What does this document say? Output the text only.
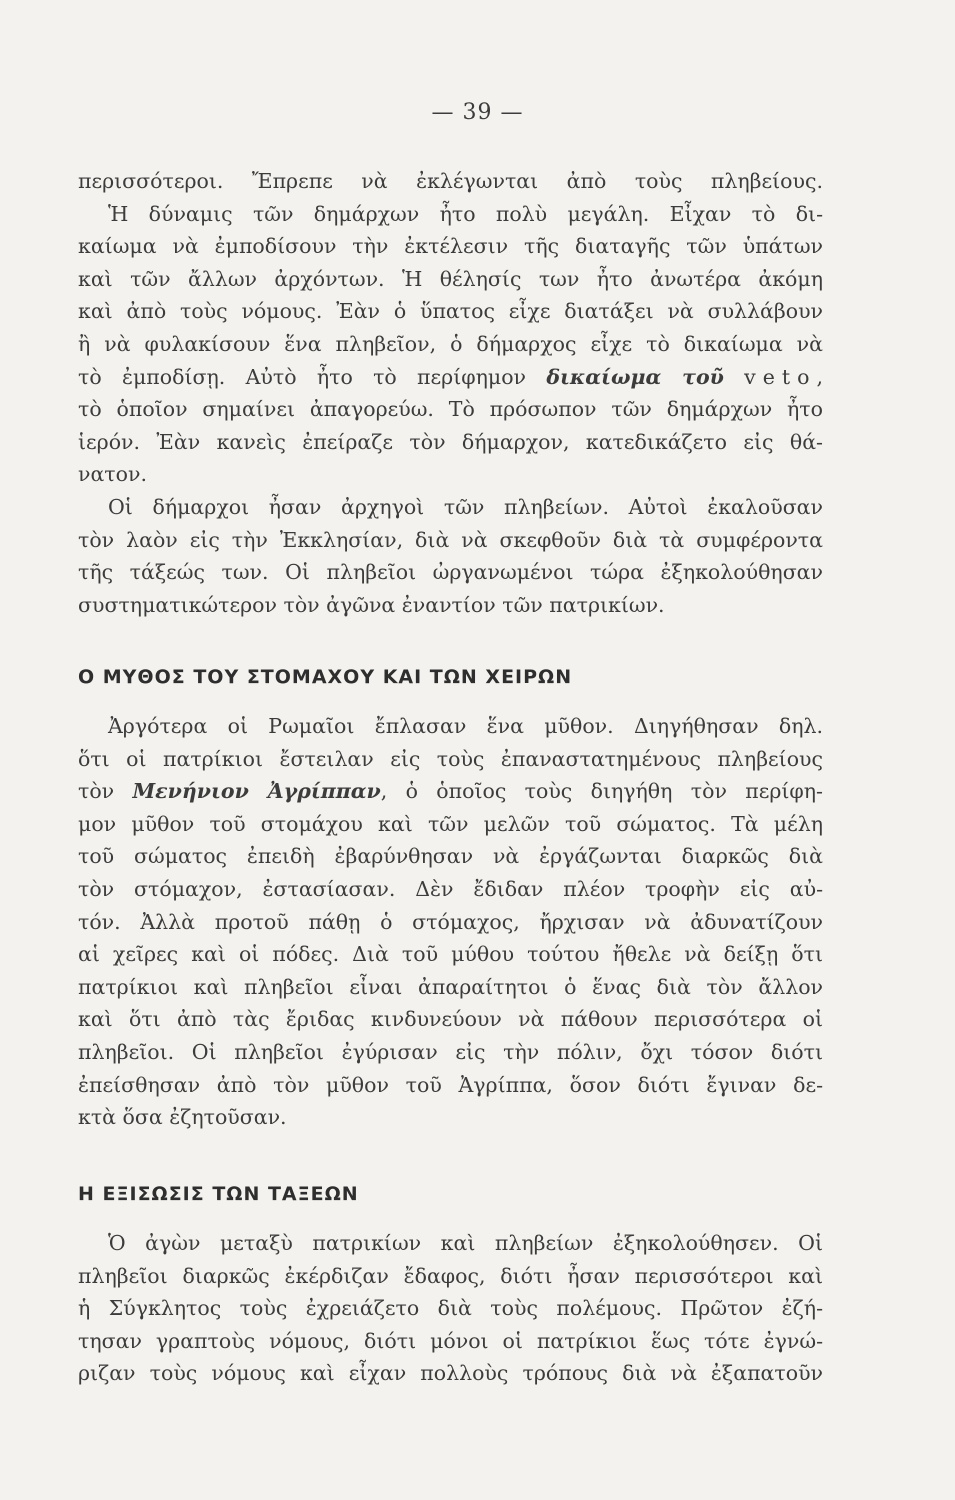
— 39 —
περισσότεροι. Ἔπρεπε νὰ ἐκλέγωνται ἀπὸ τοὺς πληβείους.
Ἡ δύναμις τῶν δημάρχων ἦτο πολὺ μεγάλη. Εἶχαν τὸ δι-
καίωμα νὰ ἐμποδίσουν τὴν ἐκτέλεσιν τῆς διαταγῆς τῶν ὑπάτων
καὶ τῶν ἄλλων ἀρχόντων. Ἡ θέλησίς των ἦτο ἀνωτέρα ἀκόμη
καὶ ἀπὸ τοὺς νόμους. Ἐὰν ὁ ὕπατος εἶχε διατάξει νὰ συλλάβουν
ἢ νὰ φυλακίσουν ἕνα πληβεῖον, ὁ δήμαρχος εἶχε τὸ δικαίωμα νὰ
τὸ ἐμποδίσῃ. Αὐτὸ ἦτο τὸ περίφημον δικαίωμα τοῦ veto,
τὸ ὁποῖον σημαίνει ἀπαγορεύω. Τὸ πρόσωπον τῶν δημάρχων ἦτο
ἱερόν. Ἐὰν κανεὶς ἐπείραζε τὸν δήμαρχον, κατεδικάζετο εἰς θά-
νατον.
Οἱ δήμαρχοι ἦσαν ἀρχηγοὶ τῶν πληβείων. Αὐτοὶ ἐκαλοῦσαν
τὸν λαὸν εἰς τὴν Ἐκκλησίαν, διὰ νὰ σκεφθοῦν διὰ τὰ συμφέροντα
τῆς τάξεώς των. Οἱ πληβεῖοι ὠργανωμένοι τώρα ἐξηκολούθησαν
συστηματικώτερον τὸν ἀγῶνα ἐναντίον τῶν πατρικίων.
Ο ΜΥΘΟΣ ΤΟΥ ΣΤΟΜΑΧΟΥ ΚΑΙ ΤΩΝ ΧΕΙΡΩΝ
Ἀργότερα οἱ Ρωμαῖοι ἔπλασαν ἕνα μῦθον. Διηγήθησαν δηλ.
ὅτι οἱ πατρίκιοι ἔστειλαν εἰς τοὺς ἐπαναστατημένους πληβείους
τὸν Μενήνιον Ἀγρίππαν, ὁ ὁποῖος τοὺς διηγήθη τὸν περίφη-
μον μῦθον τοῦ στομάχου καὶ τῶν μελῶν τοῦ σώματος. Τὰ μέλη
τοῦ σώματος ἐπειδὴ ἐβαρύνθησαν νὰ ἐργάζωνται διαρκῶς διὰ
τὸν στόμαχον, ἐστασίασαν. Δὲν ἔδιδαν πλέον τροφὴν εἰς αὐ-
τόν. Ἀλλὰ προτοῦ πάθῃ ὁ στόμαχος, ἤρχισαν νὰ ἀδυνατίζουν
αἱ χεῖρες καὶ οἱ πόδες. Διὰ τοῦ μύθου τούτου ἤθελε νὰ δείξῃ ὅτι
πατρίκιοι καὶ πληβεῖοι εἶναι ἀπαραίτητοι ὁ ἕνας διὰ τὸν ἄλλον
καὶ ὅτι ἀπὸ τὰς ἔριδας κινδυνεύουν νὰ πάθουν περισσότερα οἱ
πληβεῖοι. Οἱ πληβεῖοι ἐγύρισαν εἰς τὴν πόλιν, ὄχι τόσον διότι
ἐπείσθησαν ἀπὸ τὸν μῦθον τοῦ Ἀγρίππα, ὅσον διότι ἔγιναν δε-
κτὰ ὅσα ἐζητοῦσαν.
Η ΕΞΙΣΩΣΙΣ ΤΩΝ ΤΑΞΕΩΝ
Ὁ ἀγὼν μεταξὺ πατρικίων καὶ πληβείων ἐξηκολούθησεν. Οἱ
πληβεῖοι διαρκῶς ἐκέρδιζαν ἔδαφος, διότι ἦσαν περισσότεροι καὶ
ἡ Σύγκλητος τοὺς ἐχρειάζετο διὰ τοὺς πολέμους. Πρῶτον ἐζή-
τησαν γραπτοὺς νόμους, διότι μόνοι οἱ πατρίκιοι ἕως τότε ἐγνώ-
ριζαν τοὺς νόμους καὶ εἶχαν πολλοὺς τρόπους διὰ νὰ ἐξαπατοῦν
